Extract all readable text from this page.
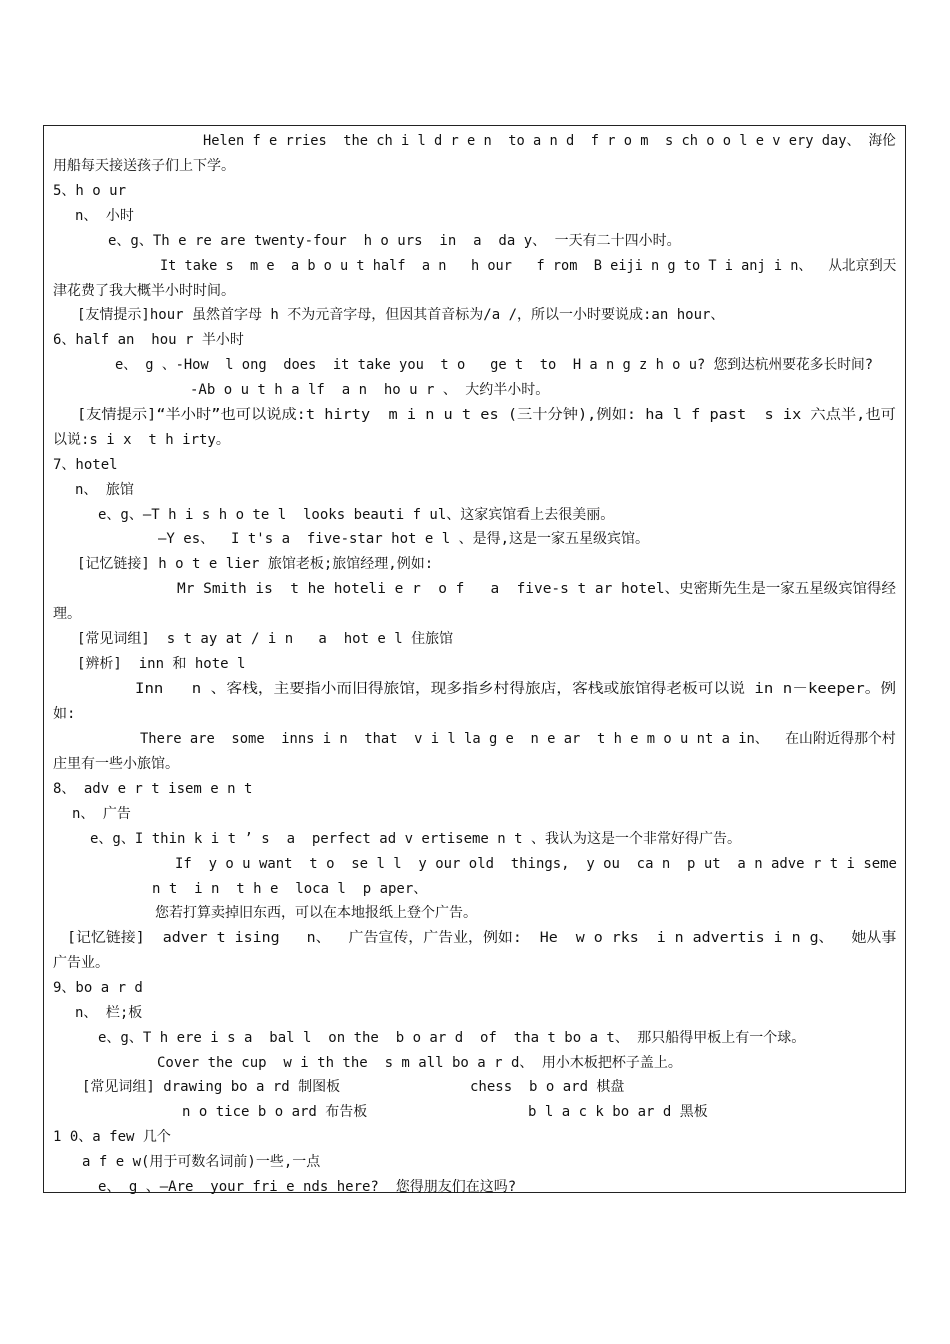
Helen f e rries  the ch i l d r e n  to a n d  f r o m  s ch o o l e v ery day、 海伦
用船每天接送孩子们上下学。
5、h o ur
n、 小时
e、g、Th e re are twenty-four  h o urs  in  a  da y、 一天有二十四小时。
It take s  m e  a b o u t half  a n   h our   f rom  B eiji n g to T i anj i n、  从北京到天
津花费了我大概半小时时间。
[友情提示]hour 虽然首字母 h 不为元音字母，但因其首音标为/a /，所以一小时要说成:an hour、
6、half an  hou r 半小时
e、 g 、-How  l ong  does  it take you  t o   ge t  to  H a n g z h o u? 您到达杭州要花多长时间?
-Ab o u t h a lf  a n  ho u r 、 大约半小时。
[友情提示]“半小时”也可以说成:t hirty  m i n u t es (三十分钟),例如: ha l f past  s ix 六点半,也可
以说:s i x  t h irty。
7、hotel
n、 旅馆
e、g、—T h i s h o te l  looks beauti f ul、这家宾馆看上去很美丽。
—Y es、  I t's a  five-star hot e l 、是得,这是一家五星级宾馆。
[记忆链接] h o t e lier 旅馆老板;旅馆经理,例如:
Mr Smith is  t he hoteli e r  o f   a  five-s t ar hotel、史密斯先生是一家五星级宾馆得经
理。
[常见词组]  s t ay at / i n   a  hot e l 住旅馆
[辨析]  inn 和 hote l
Inn   n 、客栈，主要指小而旧得旅馆，现多指乡村得旅店，客栈或旅馆得老板可以说 in n－keeper。例
如:
There are  some  inns i n  that  v i l la g e  n e ar  t h e m o u nt a in、  在山附近得那个村
庄里有一些小旅馆。
8、 adv e r t isem e n t
n、 广告
e、g、I thin k i t ’ s  a  perfect ad v ertiseme n t 、我认为这是一个非常好得广告。
If  y o u want  t o  se l l  y our old  things,  y ou  ca n  p ut  a n adve r t i seme
n t  i n  t h e  loca l  p aper、
您若打算卖掉旧东西，可以在本地报纸上登个广告。
[记忆链接]  adver t ising   n、  广告宣传，广告业，例如:  He  w o rks  i n advertis i n g、  她从事
广告业。
9、bo a r d
n、 栏;板
e、g、T h ere i s a  bal l  on the  b o ar d  of  tha t bo a t、 那只船得甲板上有一个球。
Cover the cup  w i th the  s m all bo a r d、 用小木板把杯子盖上。
[常见词组] drawing bo a rd 制图板	chess  b o ard 棋盘
n o tice b o ard 布告板	b l a c k bo ar d 黑板
1 0、a few 几个
a f e w(用于可数名词前)一些,一点
e、 g 、—Are  your fri e nds here?  您得朋友们在这吗?
